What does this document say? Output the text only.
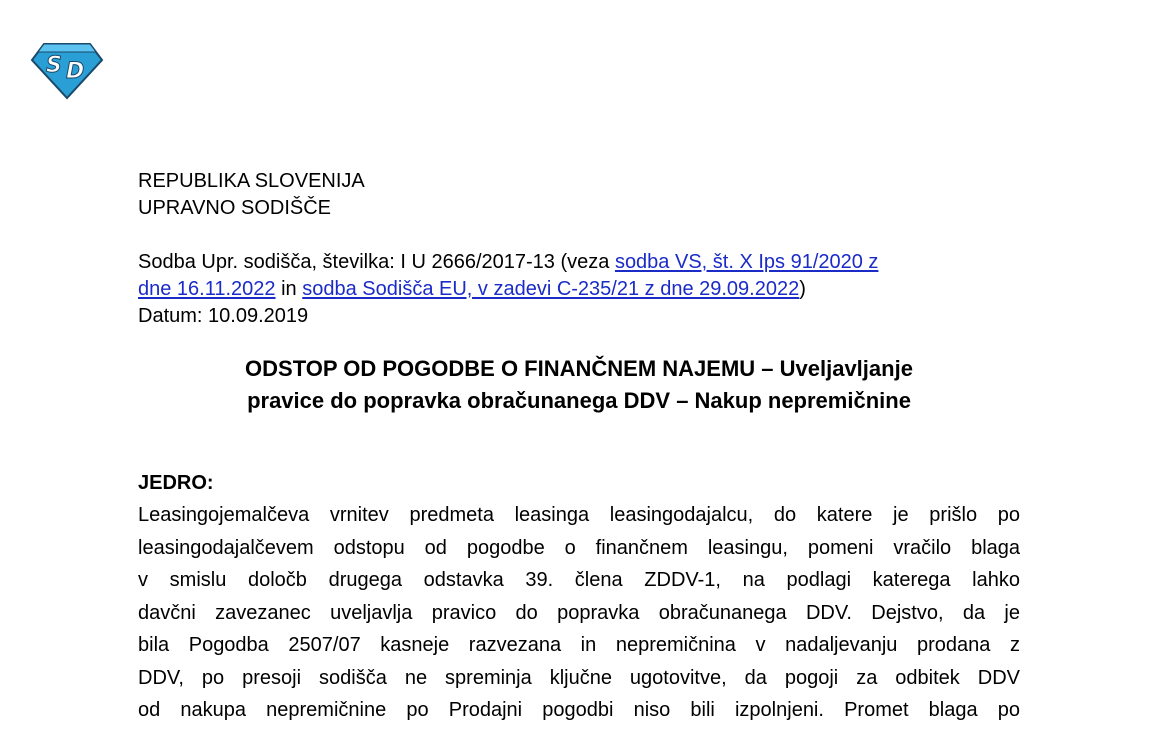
S D

REPUBLIKA SLOVENIJA

UPRAVNO SODIŠČE

Sodba Upr. sodišča, številka: I U 2666/2017-13 (veza sodba VS, št. X Ips 91/2020 z

dne 16.11.2022 in sodba Sodišča EU, v zadevi C-235/21 z dne 29.09.2022)

Datum: 10.09.2019

ODSTOP OD POGODBE O FINANČNEM NAJEMU – Uveljavljanje
pravice do popravka obračunanega DDV – Nakup nepremičnine
JEDRO:
Leasingojemalčeva vrnitev predmeta leasinga leasingodajalcu, do katere je prišlo po
leasingodajalčevem odstopu od pogodbe o finančnem leasingu, pomeni vračilo blaga
v smislu določb drugega odstavka 39. člena ZDDV-1, na podlagi katerega lahko
davčni zavezanec uveljavlja pravico do popravka obračunanega DDV. Dejstvo, da je
bila Pogodba 2507/07 kasneje razvezana in nepremičnina v nadaljevanju prodana z
DDV, po presoji sodišča ne spreminja ključne ugotovitve, da pogoji za odbitek DDV
od nakupa nepremičnine po Prodajni pogodbi niso bili izpolnjeni. Promet blaga po
